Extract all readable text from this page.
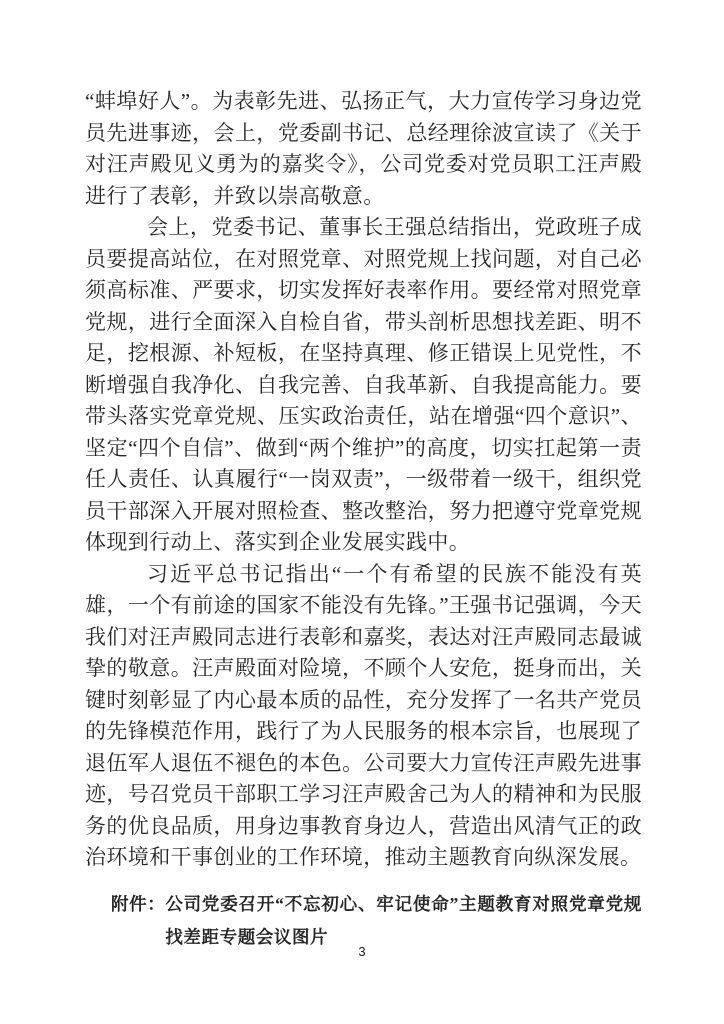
“蚌埠好人”。为表彰先进、弘扬正气，大力宣传学习身边党员先进事迹，会上，党委副书记、总经理徐波宣读了《关于对汪声殿见义勇为的嘉奖令》，公司党委对党员职工汪声殿进行了表彰，并致以崇高敬意。

会上，党委书记、董事长王强总结指出，党政班子成员要提高站位，在对照党章、对照党规上找问题，对自己必须高标准、严要求，切实发挥好表率作用。要经常对照党章党规，进行全面深入自检自省，带头剖析思想找差距、明不足，挖根源、补短板，在坚持真理、修正错误上见党性，不断增强自我净化、自我完善、自我革新、自我提高能力。要带头落实党章党规、压实政治责任，站在增强“四个意识”、坚定“四个自信”、做到“两个维护”的高度，切实扛起第一责任人责任、认真履行“一岗双责”，一级带着一级干，组织党员干部深入开展对照检查、整改整治，努力把遵守党章党规体现到行动上、落实到企业发展实践中。

习近平总书记指出“一个有希望的民族不能没有英雄，一个有前途的国家不能没有先锋。”王强书记强调，今天我们对汪声殿同志进行表彰和嘉奖，表达对汪声殿同志最诚挚的敬意。汪声殿面对险境，不顾个人安危，挺身而出，关键时刻彰显了内心最本质的品性，充分发挥了一名共产党员的先锋模范作用，践行了为人民服务的根本宗旨，也展现了退伍军人退伍不褪色的本色。公司要大力宣传汪声殿先进事迹，号召党员干部职工学习汪声殿舍己为人的精神和为民服务的优良品质，用身边事教育身边人，营造出风清气正的政治环境和干事创业的工作环境，推动主题教育向纵深发展。

附件： 公司党委召开“不忘初心、牢记使命”主题教育对照党章党规找差距专题会议图片
3
